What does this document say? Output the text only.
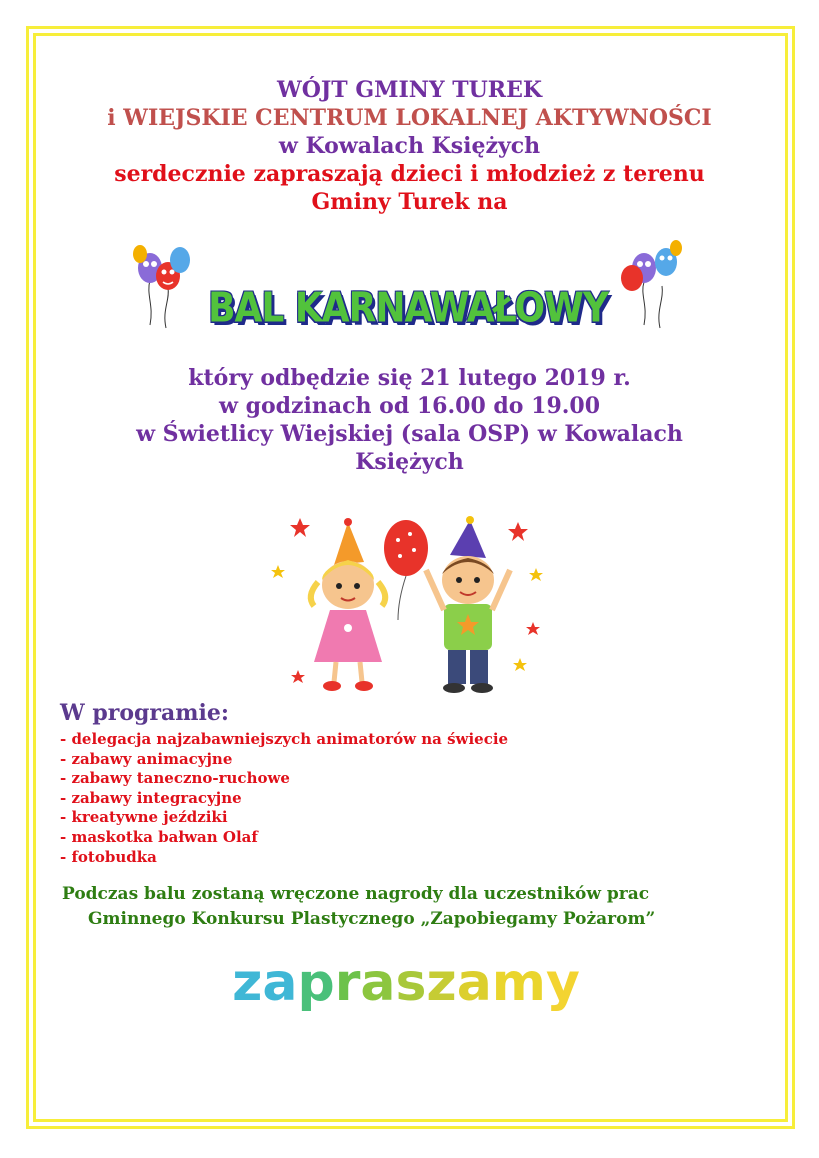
WÓJT GMINY TUREK
i WIEJSKIE CENTRUM LOKALNEJ AKTYWNOŚCI
w Kowalach Księżych
serdecznie zapraszają dzieci i młodzież z terenu
Gminy Turek na
BAL KARNAWAŁOWY
który odbędzie się 21 lutego 2019 r.
w godzinach od 16.00 do 19.00
w Świetlicy Wiejskiej (sala OSP) w Kowalach
Księżych
W programie:
- delegacja najzabawniejszych animatorów na świecie
- zabawy animacyjne
- zabawy taneczno-ruchowe
- zabawy integracyjne
- kreatywne jeździki
- maskotka bałwan Olaf
- fotobudka
Podczas balu zostaną wręczone nagrody dla uczestników prac
Gminnego Konkursu Plastycznego „Zapobiegamy Pożarom”
zapraszamy
